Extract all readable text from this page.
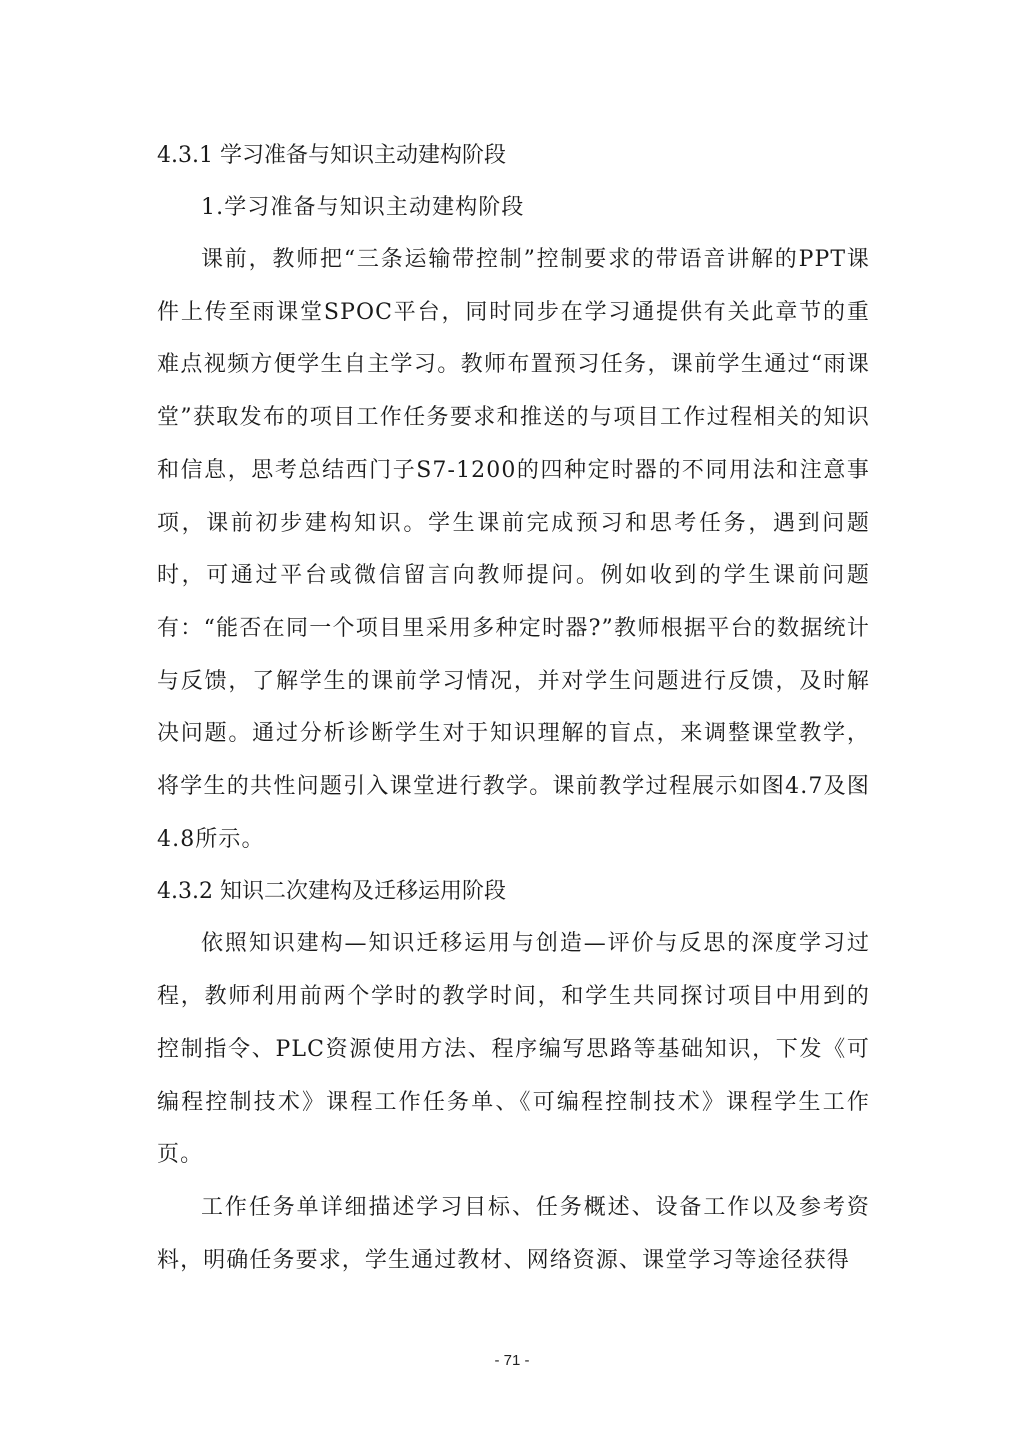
4.3.1 学习准备与知识主动建构阶段

1.学习准备与知识主动建构阶段

课前，教师把“三条运输带控制”控制要求的带语音讲解的PPT课件上传至雨课堂SPOC平台，同时同步在学习通提供有关此章节的重难点视频方便学生自主学习。教师布置预习任务，课前学生通过“雨课堂”获取发布的项目工作任务要求和推送的与项目工作过程相关的知识和信息，思考总结西门子S7-1200的四种定时器的不同用法和注意事项，课前初步建构知识。学生课前完成预习和思考任务，遇到问题时，可通过平台或微信留言向教师提问。例如收到的学生课前问题有：“能否在同一个项目里采用多种定时器?”教师根据平台的数据统计与反馈，了解学生的课前学习情况，并对学生问题进行反馈，及时解决问题。通过分析诊断学生对于知识理解的盲点，来调整课堂教学，将学生的共性问题引入课堂进行教学。课前教学过程展示如图4.7及图4.8所示。

4.3.2 知识二次建构及迁移运用阶段

依照知识建构—知识迁移运用与创造—评价与反思的深度学习过程，教师利用前两个学时的教学时间，和学生共同探讨项目中用到的控制指令、PLC资源使用方法、程序编写思路等基础知识，下发《可编程控制技术》课程工作任务单、《可编程控制技术》课程学生工作页。

工作任务单详细描述学习目标、任务概述、设备工作以及参考资料，明确任务要求，学生通过教材、网络资源、课堂学习等途径获得

- 71 -
